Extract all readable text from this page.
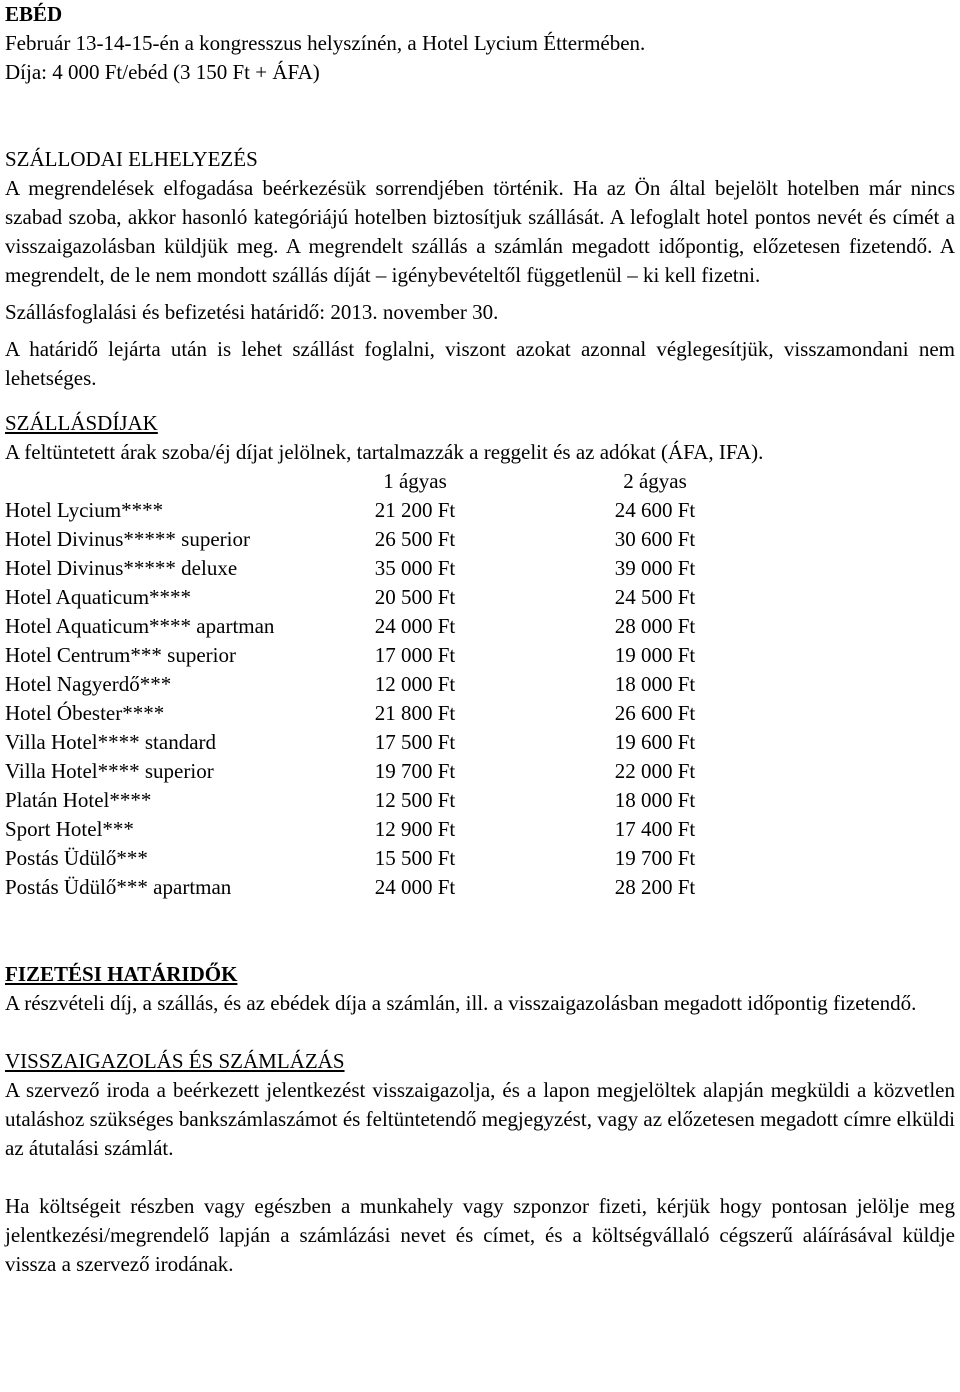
EBÉD
Február 13-14-15-én a kongresszus helyszínén, a Hotel Lycium Éttermében.
Díja: 4 000 Ft/ebéd (3 150 Ft + ÁFA)
SZÁLLODAI ELHELYEZÉS

A megrendelések elfogadása beérkezésük sorrendjében történik. Ha az Ön által bejelölt hotelben már nincs szabad szoba, akkor hasonló kategóriájú hotelben biztosítjuk szállását. A lefoglalt hotel pontos nevét és címét a visszaigazolásban küldjük meg. A megrendelt szállás a számlán megadott időpontig, előzetesen fizetendő. A megrendelt, de le nem mondott szállás díját – igénybevételtől függetlenül – ki kell fizetni.

Szállásfoglalási és befizetési határidő: 2013. november 30.

A határidő lejárta után is lehet szállást foglalni, viszont azokat azonnal véglegesítjük, visszamondani nem lehetséges.

SZÁLLÁSDÍJAK
A feltüntetett árak szoba/éj díjat jelölnek, tartalmazzák a reggelit és az adókat (ÁFA, IFA).
	1 ágyas	2 ágyas
Hotel Lycium****	21 200 Ft	24 600 Ft
Hotel Divinus***** superior	26 500 Ft	30 600 Ft
Hotel Divinus***** deluxe	35 000 Ft	39 000 Ft
Hotel Aquaticum****	20 500 Ft	24 500 Ft
Hotel Aquaticum**** apartman	24 000 Ft	28 000 Ft
Hotel Centrum*** superior	17 000 Ft	19 000 Ft
Hotel Nagyerdő***	12 000 Ft	18 000 Ft
Hotel Óbester****	21 800 Ft	26 600 Ft
Villa Hotel**** standard	17 500 Ft	19 600 Ft
Villa Hotel**** superior	19 700 Ft	22 000 Ft
Platán Hotel****	12 500 Ft	18 000 Ft
Sport Hotel***	12 900 Ft	17 400 Ft
Postás Üdülő***	15 500 Ft	19 700 Ft
Postás Üdülő*** apartman	24 000 Ft	28 200 Ft
FIZETÉSI HATÁRIDŐK

A részvételi díj, a szállás, és az ebédek díja a számlán, ill. a visszaigazolásban megadott időpontig fizetendő.

VISSZAIGAZOLÁS ÉS SZÁMLÁZÁS

A szervező iroda a beérkezett jelentkezést visszaigazolja, és a lapon megjelöltek alapján megküldi a közvetlen utaláshoz szükséges bankszámlaszámot és feltüntetendő megjegyzést, vagy az előzetesen megadott címre elküldi az átutalási számlát.

Ha költségeit részben vagy egészben a munkahely vagy szponzor fizeti, kérjük hogy pontosan jelölje meg jelentkezési/megrendelő lapján a számlázási nevet és címet, és a költségvállaló cégszerű aláírásával küldje vissza a szervező irodának.
